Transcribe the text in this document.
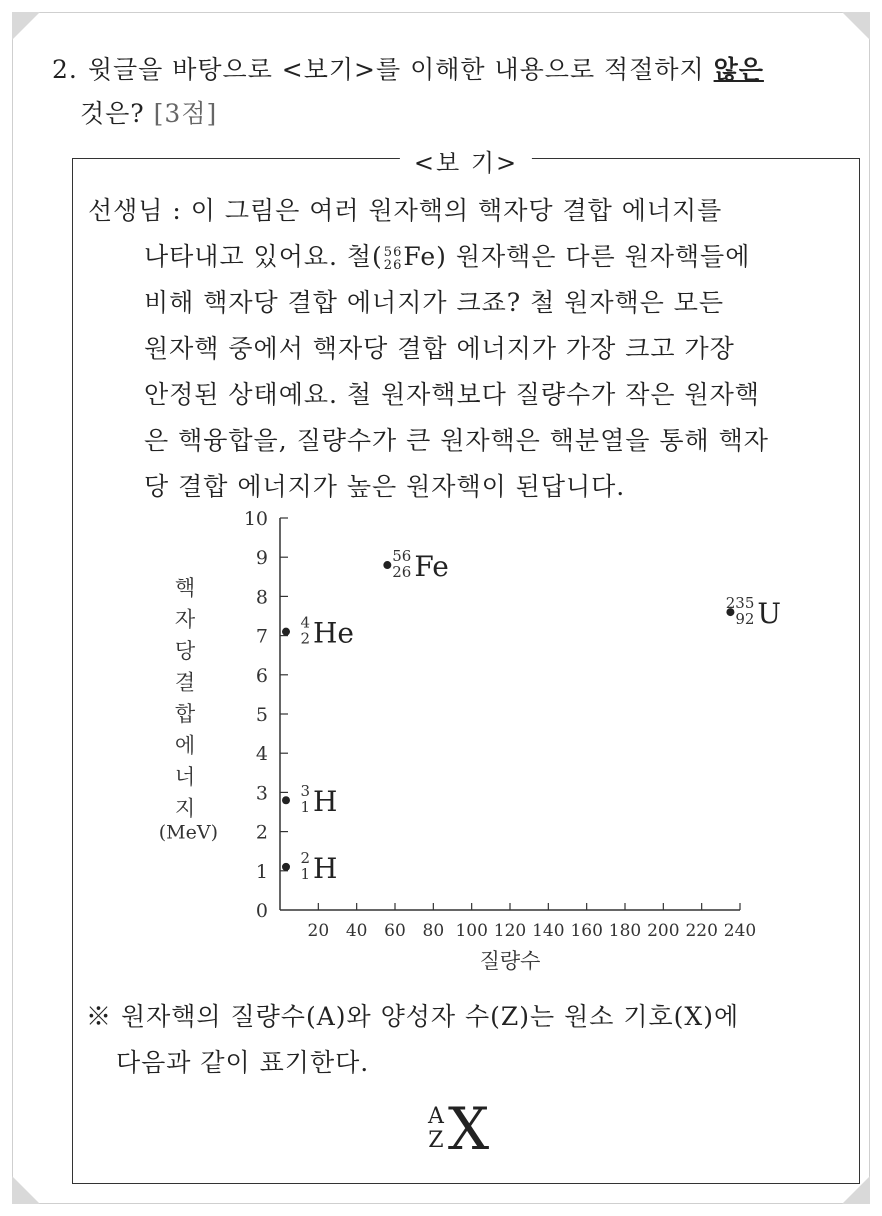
2. 윗글을 바탕으로 <보기>를 이해한 내용으로 적절하지 않은
것은? [3점]
<보 기>
선생님 : 이 그림은 여러 원자핵의 핵자당 결합 에너지를
나타내고 있어요. 철( 56
26 Fe) 원자핵은 다른 원자핵들에
비해 핵자당 결합 에너지가 크죠? 철 원자핵은 모든
원자핵 중에서 핵자당 결합 에너지가 가장 크고 가장
안정된 상태예요. 철 원자핵보다 질량수가 작은 원자핵
은 핵융합을, 질량수가 큰 원자핵은 핵분열을 통해 핵자
당 결합 에너지가 높은 원자핵이 된답니다.
0
1
2
3
4
5
6
7
8
9
10
20 40 60 80 100 120 140 160 180 200 220 240
질량수
핵
자
당
결
합
에
너
지
(MeV)
2
1 H
3
1 H
4
2 He
56
26 Fe
235
92 U
※ 원자핵의 질량수(A)와 양성자 수(Z)는 원소 기호(X)에

다음과 같이 표기한다.
A
Z X
